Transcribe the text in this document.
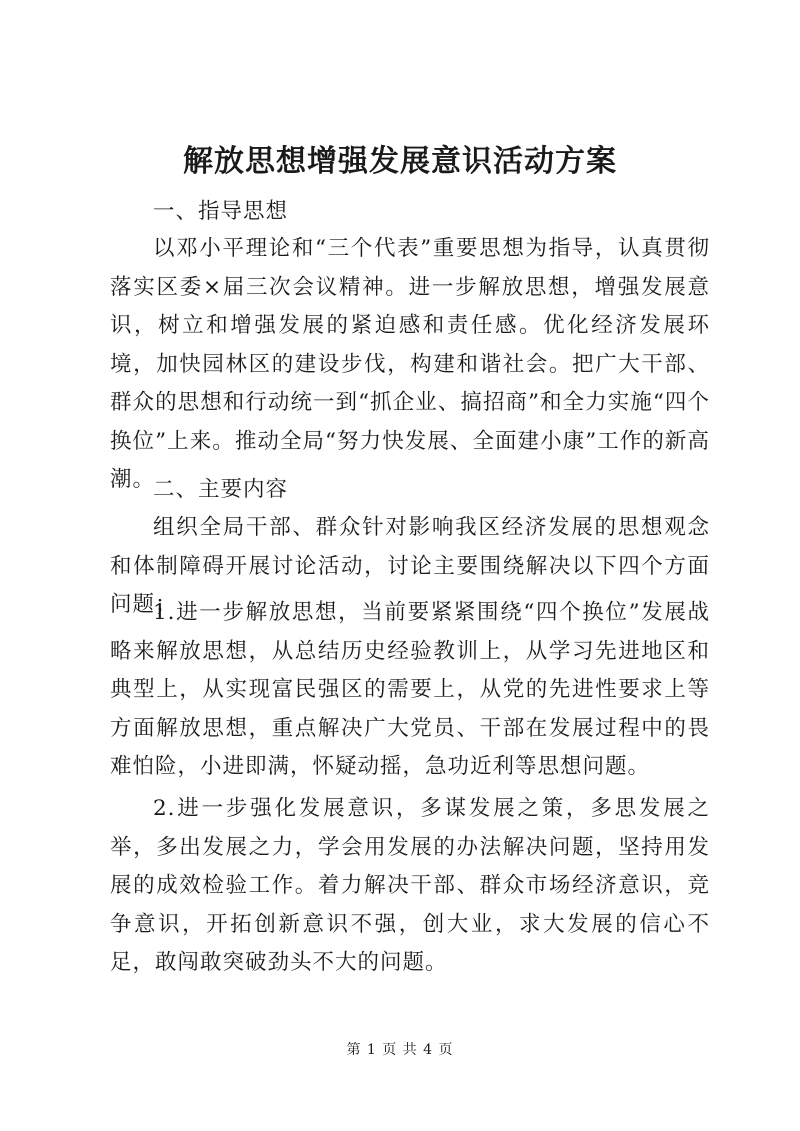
解放思想增强发展意识活动方案

一、指导思想

以邓小平理论和“三个代表”重要思想为指导，认真贯彻落实区委×届三次会议精神。进一步解放思想，增强发展意识，树立和增强发展的紧迫感和责任感。优化经济发展环境，加快园林区的建设步伐，构建和谐社会。把广大干部、群众的思想和行动统一到“抓企业、搞招商”和全力实施“四个换位”上来。推动全局“努力快发展、全面建小康”工作的新高潮。

二、主要内容

组织全局干部、群众针对影响我区经济发展的思想观念和体制障碍开展讨论活动，讨论主要围绕解决以下四个方面问题；

1.进一步解放思想，当前要紧紧围绕“四个换位”发展战略来解放思想，从总结历史经验教训上，从学习先进地区和典型上，从实现富民强区的需要上，从党的先进性要求上等方面解放思想，重点解决广大党员、干部在发展过程中的畏难怕险，小进即满，怀疑动摇，急功近利等思想问题。

2.进一步强化发展意识，多谋发展之策，多思发展之举，多出发展之力，学会用发展的办法解决问题，坚持用发展的成效检验工作。着力解决干部、群众市场经济意识，竞争意识，开拓创新意识不强，创大业，求大发展的信心不足，敢闯敢突破劲头不大的问题。

第 1 页 共 4 页
